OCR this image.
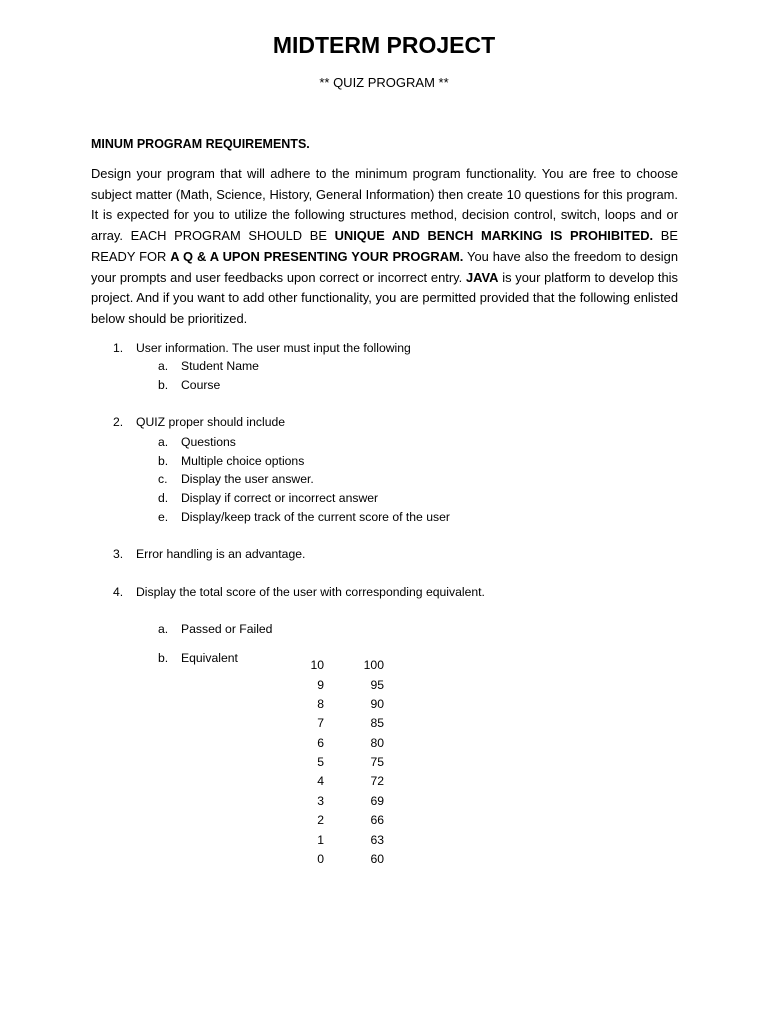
MIDTERM PROJECT
** QUIZ PROGRAM **
MINUM PROGRAM REQUIREMENTS.
Design your program that will adhere to the minimum program functionality. You are free to choose subject matter (Math, Science, History, General Information) then create 10 questions for this program. It is expected for you to utilize the following structures method, decision control, switch, loops and or array. EACH PROGRAM SHOULD BE UNIQUE AND BENCH MARKING IS PROHIBITED. BE READY FOR A Q & A UPON PRESENTING YOUR PROGRAM. You have also the freedom to design your prompts and user feedbacks upon correct or incorrect entry. JAVA is your platform to develop this project. And if you want to add other functionality, you are permitted provided that the following enlisted below should be prioritized.
1. User information. The user must input the following
a. Student Name
b. Course
2. QUIZ proper should include
a. Questions
b. Multiple choice options
c. Display the user answer.
d. Display if correct or incorrect answer
e. Display/keep track of the current score of the user
3. Error handling is an advantage.
4. Display the total score of the user with corresponding equivalent.
a. Passed or Failed
b. Equivalent	10	100
9	95
8	90
7	85
6	80
5	75
4	72
3	69
2	66
1	63
0	60
